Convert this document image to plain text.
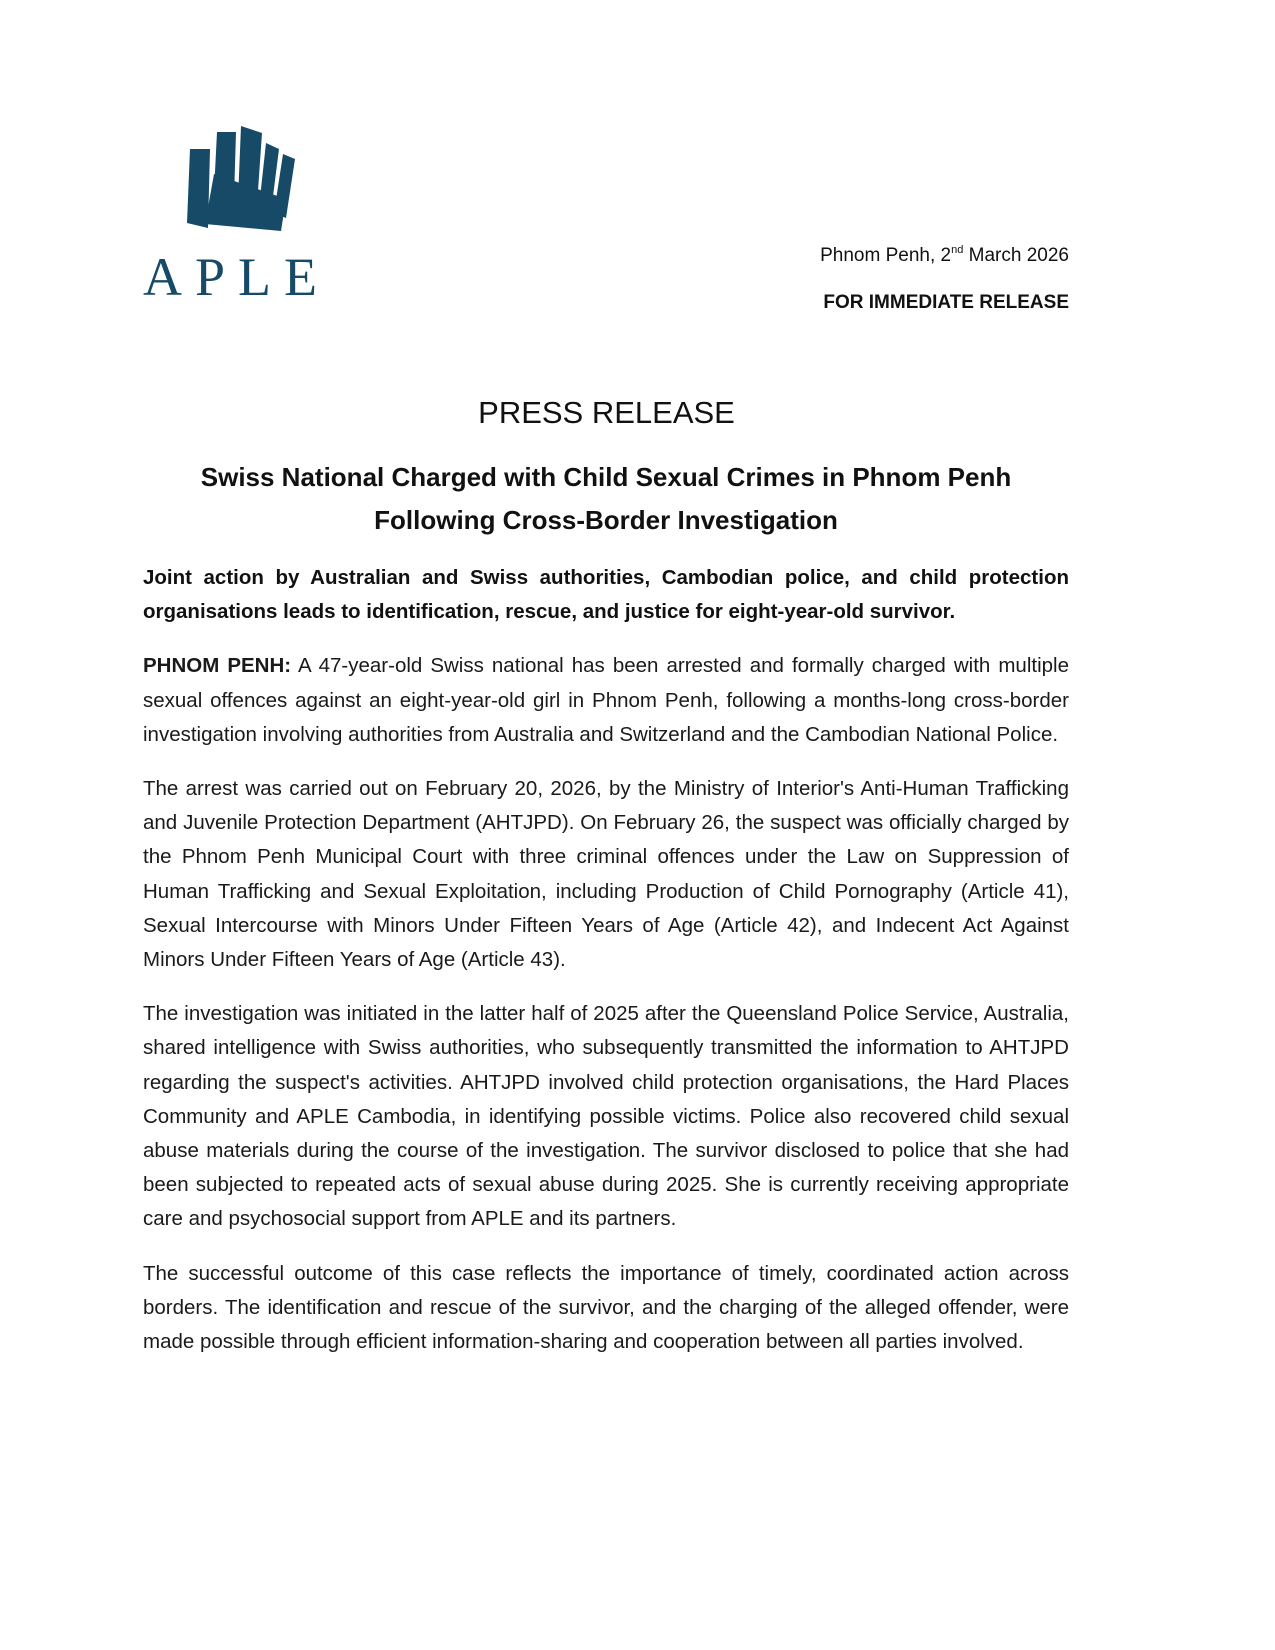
APLE	Phnom Penh, 2nd March 2026
FOR IMMEDIATE RELEASE
PRESS RELEASE
Swiss National Charged with Child Sexual Crimes in Phnom Penh
Following Cross-Border Investigation

Joint action by Australian and Swiss authorities, Cambodian police, and child protection organisations leads to identification, rescue, and justice for eight-year-old survivor.

PHNOM PENH: A 47-year-old Swiss national has been arrested and formally charged with multiple sexual offences against an eight-year-old girl in Phnom Penh, following a months-long cross-border investigation involving authorities from Australia and Switzerland and the Cambodian National Police.

The arrest was carried out on February 20, 2026, by the Ministry of Interior's Anti-Human Trafficking and Juvenile Protection Department (AHTJPD). On February 26, the suspect was officially charged by the Phnom Penh Municipal Court with three criminal offences under the Law on Suppression of Human Trafficking and Sexual Exploitation, including Production of Child Pornography (Article 41), Sexual Intercourse with Minors Under Fifteen Years of Age (Article 42), and Indecent Act Against Minors Under Fifteen Years of Age (Article 43).

The investigation was initiated in the latter half of 2025 after the Queensland Police Service, Australia, shared intelligence with Swiss authorities, who subsequently transmitted the information to AHTJPD regarding the suspect's activities. AHTJPD involved child protection organisations, the Hard Places Community and APLE Cambodia, in identifying possible victims. Police also recovered child sexual abuse materials during the course of the investigation. The survivor disclosed to police that she had been subjected to repeated acts of sexual abuse during 2025. She is currently receiving appropriate care and psychosocial support from APLE and its partners.

The successful outcome of this case reflects the importance of timely, coordinated action across borders. The identification and rescue of the survivor, and the charging of the alleged offender, were made possible through efficient information-sharing and cooperation between all parties involved.
